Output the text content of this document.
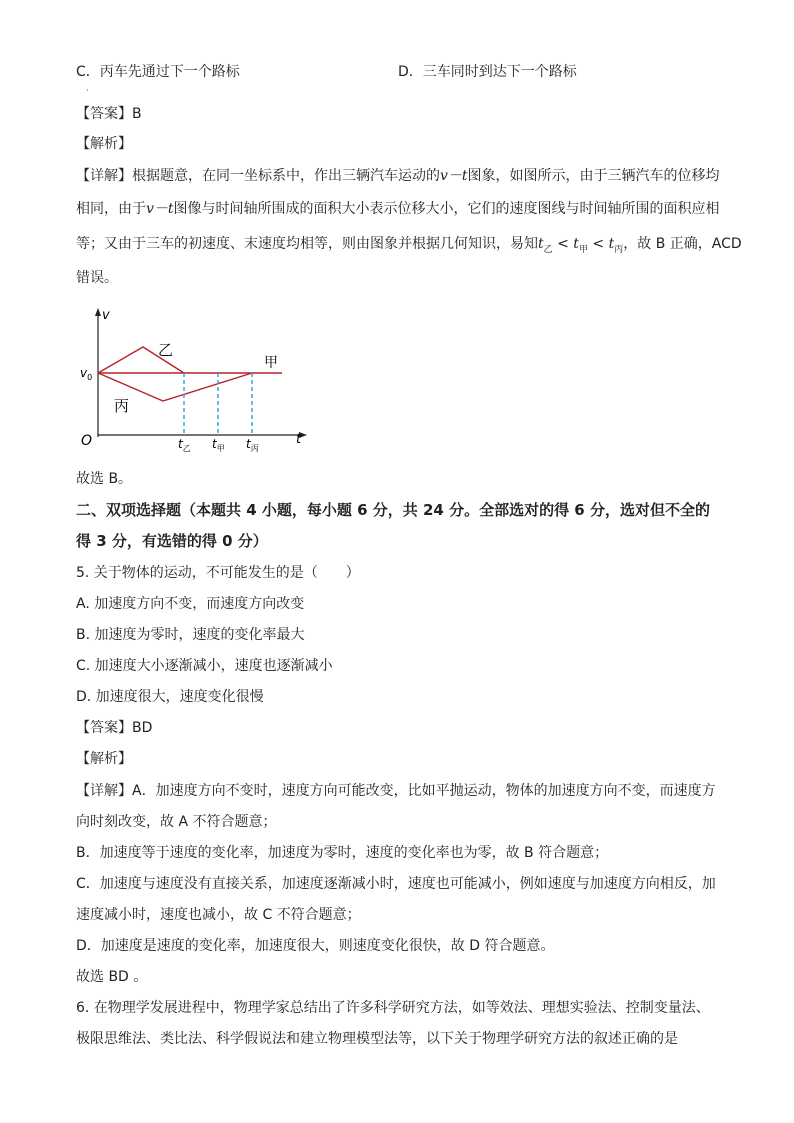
C．丙车先通过下一个路标	D．三车同时到达下一个路标
·
【答案】B
【解析】
【详解】根据题意，在同一坐标系中，作出三辆汽车运动的v－t图象，如图所示，由于三辆汽车的位移均
相同，由于v－t图像与时间轴所围成的面积大小表示位移大小，它们的速度图线与时间轴所围的面积应相
等；又由于三车的初速度、末速度均相等，则由图象并根据几何知识，易知$t_乙 < t_甲 < t_丙$，故 B 正确，ACD
错误。
v
t
O
$v_0$
乙
甲
丙
$t_乙$ $t_甲$ $t_丙$
故选 B。
二、双项选择题（本题共 4 小题，每小题 6 分，共 24 分。全部选对的得 6 分，选对但不全的
得 3 分，有选错的得 0 分）
5. 关于物体的运动，不可能发生的是（　　）
A. 加速度方向不变，而速度方向改变
B. 加速度为零时，速度的变化率最大
C. 加速度大小逐渐减小，速度也逐渐减小
D. 加速度很大，速度变化很慢
【答案】BD
【解析】
【详解】A．加速度方向不变时，速度方向可能改变，比如平抛运动，物体的加速度方向不变，而速度方
向时刻改变，故 A 不符合题意；
B．加速度等于速度的变化率，加速度为零时，速度的变化率也为零，故 B 符合题意；
C．加速度与速度没有直接关系，加速度逐渐减小时，速度也可能减小，例如速度与加速度方向相反，加
速度减小时，速度也减小，故 C 不符合题意；
D．加速度是速度的变化率，加速度很大，则速度变化很快，故 D 符合题意。
故选 BD 。
6. 在物理学发展进程中，物理学家总结出了许多科学研究方法，如等效法、理想实验法、控制变量法、
极限思维法、类比法、科学假说法和建立物理模型法等，以下关于物理学研究方法的叙述正确的是
